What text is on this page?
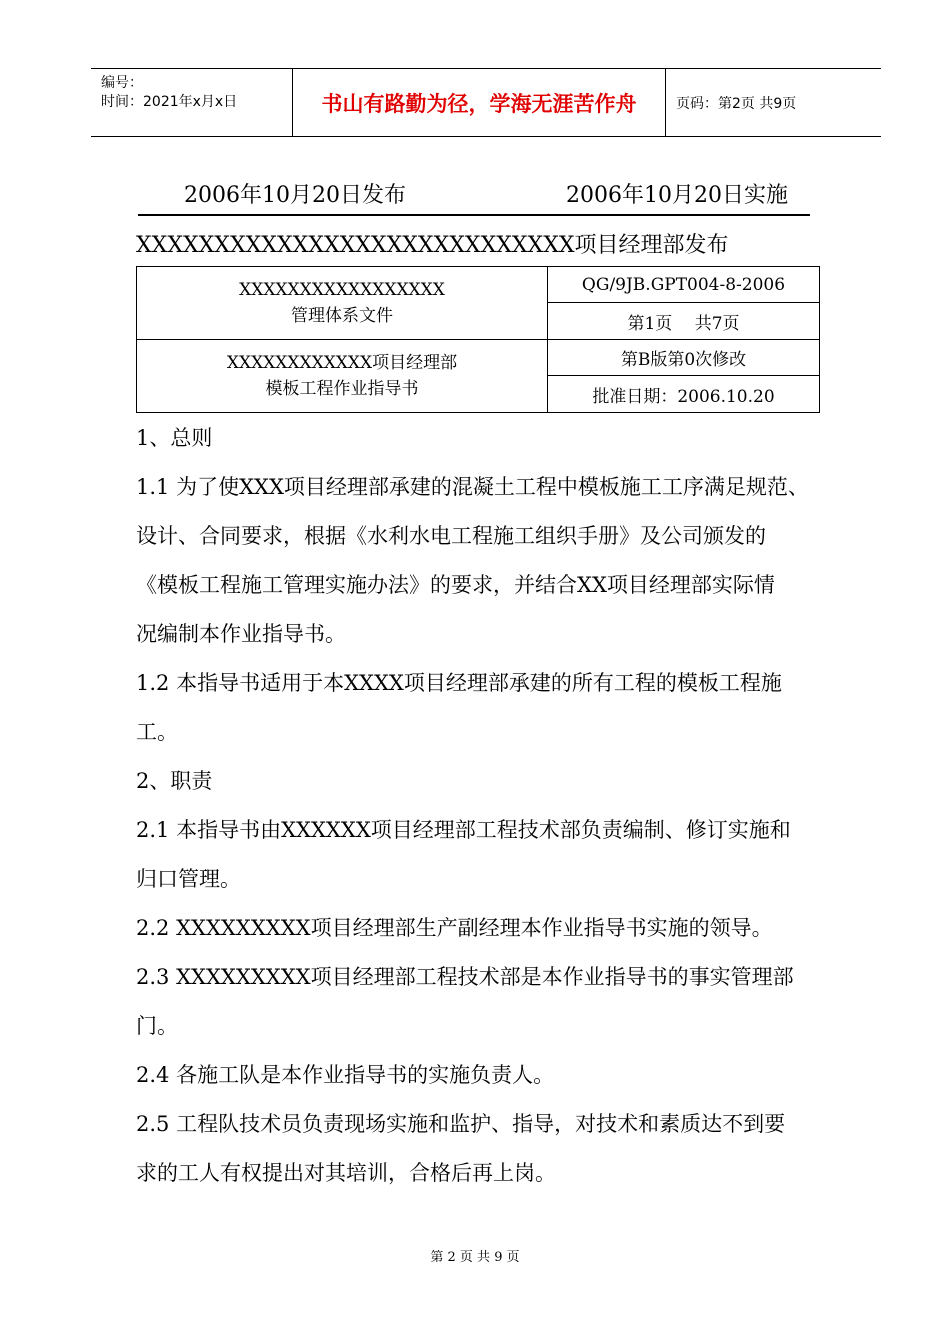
编号：
时间：2021年x月x日	书山有路勤为径，学海无涯苦作舟	页码：第2页 共9页
2006年10月20日发布	2006年10月20日实施
XXXXXXXXXXXXXXXXXXXXXXXXXXXX项目经理部发布
XXXXXXXXXXXXXXXXX
管理体系文件	QG/9JB.GPT004-8-2006
	第1页　 共7页

XXXXXXXXXXXX项目经理部
模板工程作业指导书	第B版第0次修改
	批准日期：2006.10.20
1、总则
1.1 为了使XXX项目经理部承建的混凝土工程中模板施工工序满足规范、
设计、合同要求，根据《水利水电工程施工组织手册》及公司颁发的
《模板工程施工管理实施办法》的要求，并结合XX项目经理部实际情
况编制本作业指导书。
1.2 本指导书适用于本XXXX项目经理部承建的所有工程的模板工程施
工。
2、职责
2.1 本指导书由XXXXXX项目经理部工程技术部负责编制、修订实施和
归口管理。
2.2 XXXXXXXXX项目经理部生产副经理本作业指导书实施的领导。
2.3 XXXXXXXXX项目经理部工程技术部是本作业指导书的事实管理部
门。
2.4 各施工队是本作业指导书的实施负责人。
2.5 工程队技术员负责现场实施和监护、指导，对技术和素质达不到要
求的工人有权提出对其培训，合格后再上岗。
第 2 页 共 9 页
